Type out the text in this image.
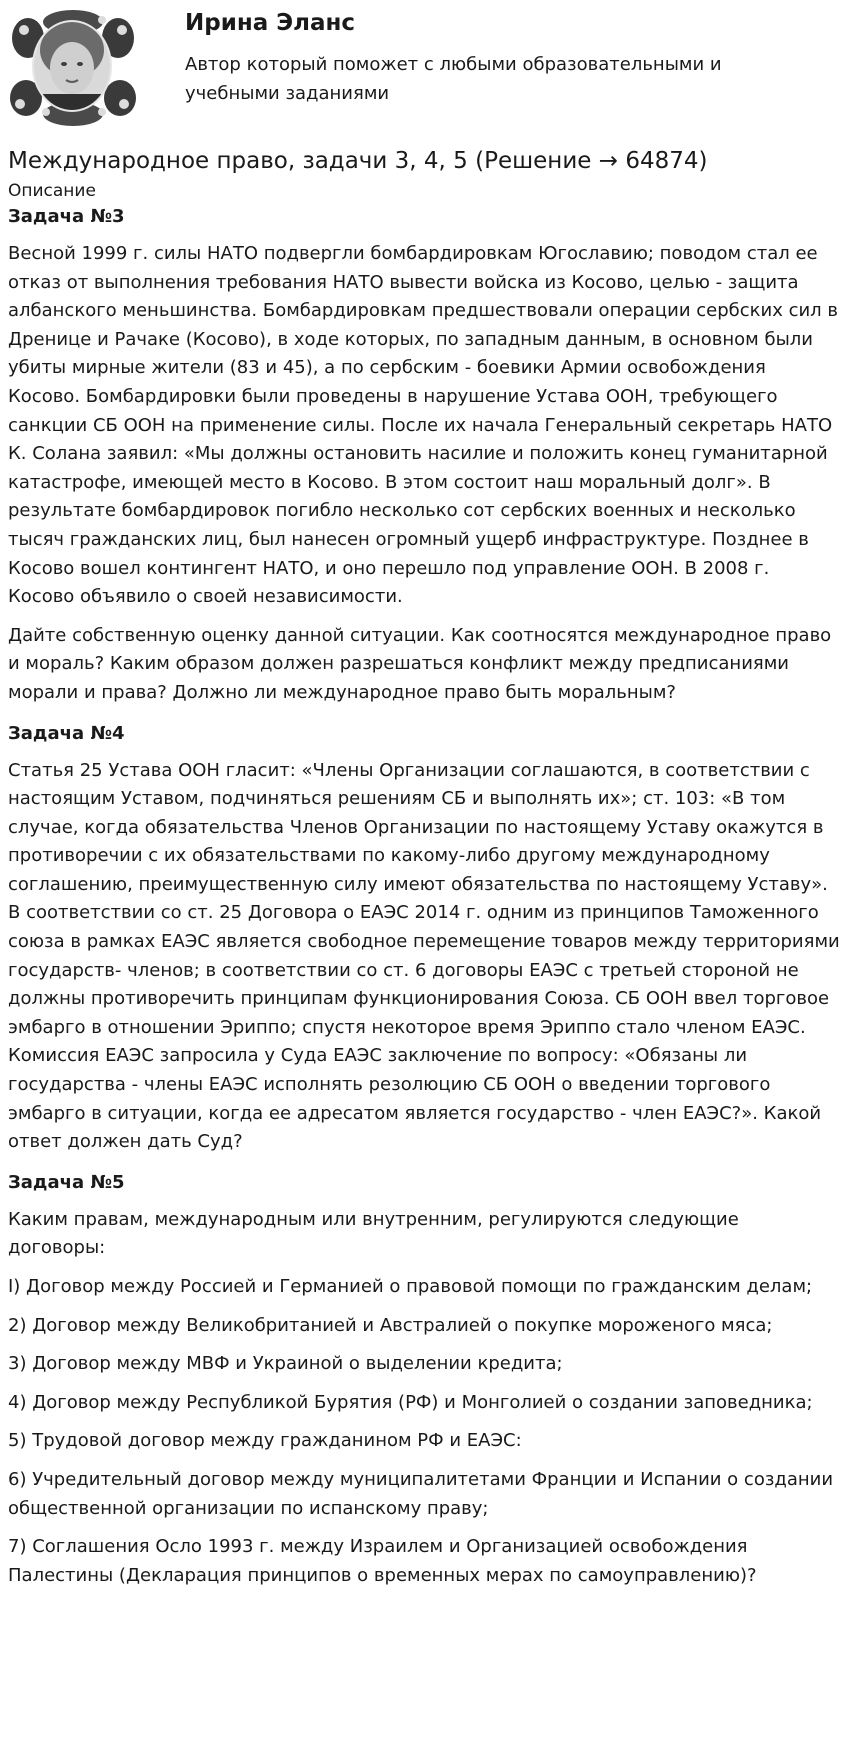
Ирина Эланс
Автор который поможет с любыми образовательными и учебными заданиями
Международное право, задачи 3, 4, 5 (Решение → 64874)
Описание
Задача №3

Весной 1999 г. силы НАТО подвергли бомбардировкам Югославию; поводом стал ее отказ от выполнения требования НАТО вывести войска из Косово, целью - защита албанского меньшинства. Бомбардировкам предшествовали операции сербских сил в Дренице и Рачаке (Косово), в ходе которых, по западным данным, в основном были убиты мирные жители (83 и 45), а по сербским - боевики Армии освобождения Косово. Бомбардировки были проведены в нарушение Устава ООН, требующего санкции СБ ООН на применение силы. После их начала Генеральный секретарь НАТО К. Солана заявил: «Мы должны остановить насилие и положить конец гуманитарной катастрофе, имеющей место в Косово. В этом состоит наш моральный долг». В результате бомбардировок погибло несколько сот сербских военных и несколько тысяч гражданских лиц, был нанесен огромный ущерб инфраструктуре. Позднее в Косово вошел контингент НАТО, и оно перешло под управление ООН. В 2008 г. Косово объявило о своей независимости.

Дайте собственную оценку данной ситуации. Как соотносятся международное право и мораль? Каким образом должен разрешаться конфликт между предписаниями морали и права? Должно ли международное право быть моральным?

Задача №4

Статья 25 Устава ООН гласит: «Члены Организации соглашаются, в соответствии с настоящим Уставом, подчиняться решениям СБ и выполнять их»; ст. 103: «В том случае, когда обязательства Членов Организации по настоящему Уставу окажутся в противоречии с их обязательствами по какому-либо другому международному соглашению, преимущественную силу имеют обязательства по настоящему Уставу». В соответствии со ст. 25 Договора о ЕАЭС 2014 г. одним из принципов Таможенного союза в рамках ЕАЭС является свободное перемещение товаров между территориями государств- членов; в соответствии со ст. 6 договоры ЕАЭС с третьей стороной не должны противоречить принципам функционирования Союза. СБ ООН ввел торговое эмбарго в отношении Эриппо; спустя некоторое время Эриппо стало членом ЕАЭС. Комиссия ЕАЭС запросила у Суда ЕАЭС заключение по вопросу: «Обязаны ли государства - члены ЕАЭС исполнять резолюцию СБ ООН о введении торгового эмбарго в ситуации, когда ее адресатом является государство - член ЕАЭС?». Какой ответ должен дать Суд?

Задача №5

Каким правам, международным или внутренним, регулируются следующие договоры:

I) Договор между Россией и Германией о правовой помощи по гражданским делам;

2) Договор между Великобританией и Австралией о покупке мороженого мяса;

3) Договор между МВФ и Украиной о выделении кредита;

4) Договор между Республикой Бурятия (РФ) и Монголией о создании заповедника;

5) Трудовой договор между гражданином РФ и ЕАЭС:

6) Учредительный договор между муниципалитетами Франции и Испании о создании общественной организации по испанскому праву;

7) Соглашения Осло 1993 г. между Израилем и Организацией освобождения Палестины (Декларация принципов о временных мерах по самоуправлению)?
